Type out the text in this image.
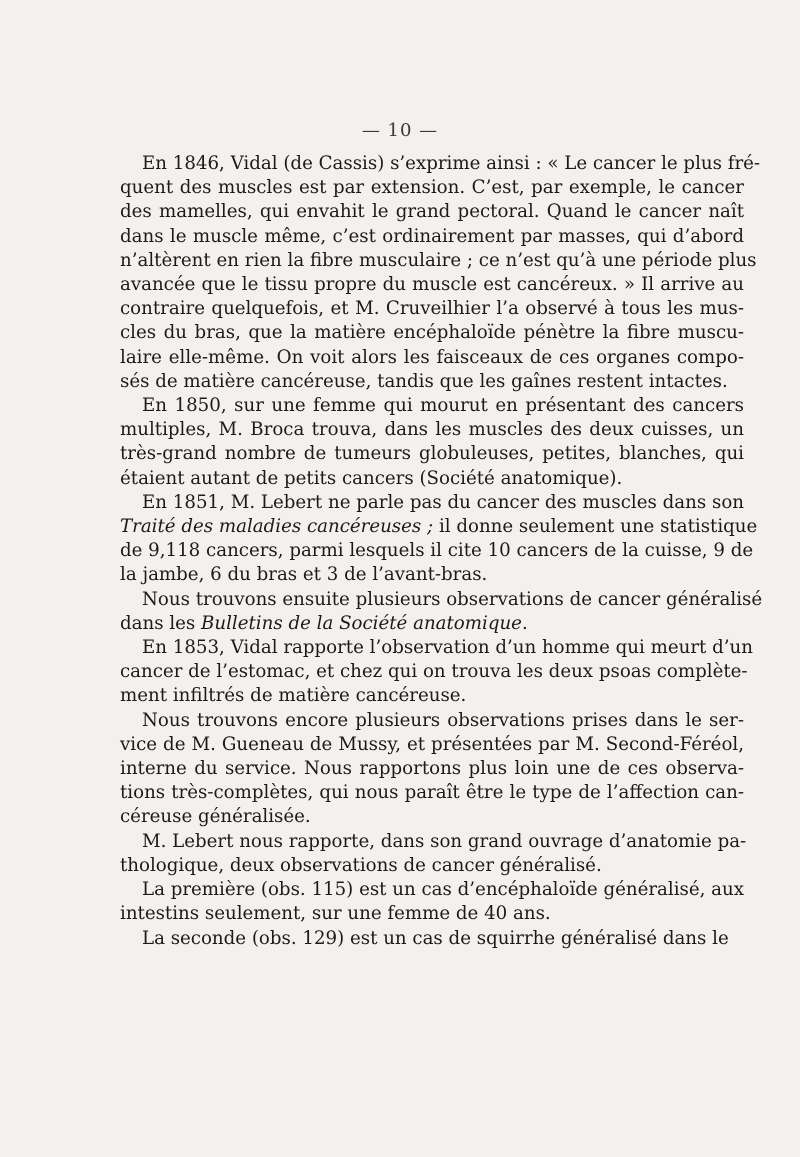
— 10 —
En 1846, Vidal (de Cassis) s’exprime ainsi : « Le cancer le plus fré-
quent des muscles est par extension. C’est, par exemple, le cancer
des mamelles, qui envahit le grand pectoral. Quand le cancer naît
dans le muscle même, c’est ordinairement par masses, qui d’abord
n’altèrent en rien la fibre musculaire ; ce n’est qu’à une période plus
avancée que le tissu propre du muscle est cancéreux. » Il arrive au
contraire quelquefois, et M. Cruveilhier l’a observé à tous les mus-
cles du bras, que la matière encéphaloïde pénètre la fibre muscu-
laire elle-même. On voit alors les faisceaux de ces organes compo-
sés de matière cancéreuse, tandis que les gaînes restent intactes.
En 1850, sur une femme qui mourut en présentant des cancers
multiples, M. Broca trouva, dans les muscles des deux cuisses, un
très-grand nombre de tumeurs globuleuses, petites, blanches, qui
étaient autant de petits cancers (Société anatomique).
En 1851, M. Lebert ne parle pas du cancer des muscles dans son
Traité des maladies cancéreuses ; il donne seulement une statistique
de 9,118 cancers, parmi lesquels il cite 10 cancers de la cuisse, 9 de
la jambe, 6 du bras et 3 de l’avant-bras.
Nous trouvons ensuite plusieurs observations de cancer généralisé
dans les Bulletins de la Société anatomique.
En 1853, Vidal rapporte l’observation d’un homme qui meurt d’un
cancer de l’estomac, et chez qui on trouva les deux psoas complète-
ment infiltrés de matière cancéreuse.
Nous trouvons encore plusieurs observations prises dans le ser-
vice de M. Gueneau de Mussy, et présentées par M. Second-Féréol,
interne du service. Nous rapportons plus loin une de ces observa-
tions très-complètes, qui nous paraît être le type de l’affection can-
céreuse généralisée.
M. Lebert nous rapporte, dans son grand ouvrage d’anatomie pa-
thologique, deux observations de cancer généralisé.
La première (obs. 115) est un cas d’encéphaloïde généralisé, aux
intestins seulement, sur une femme de 40 ans.
La seconde (obs. 129) est un cas de squirrhe généralisé dans le
